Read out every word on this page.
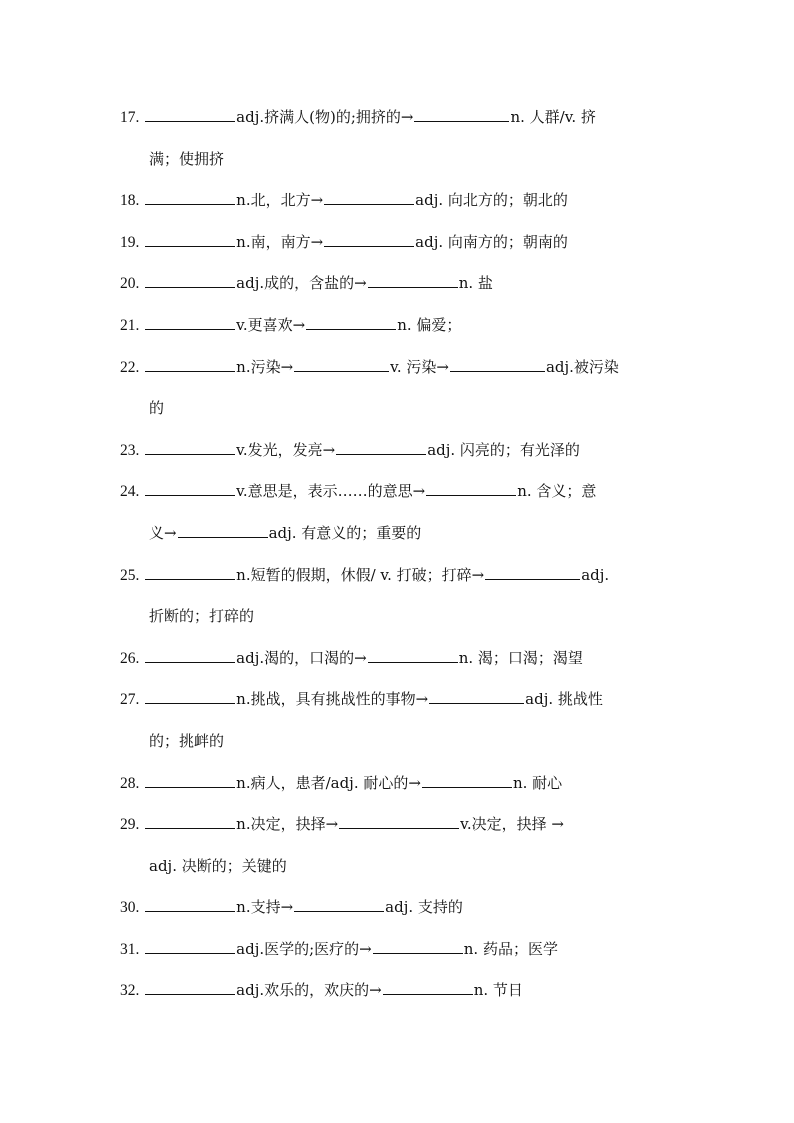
17.	adj.挤满人(物)的;拥挤的→	n. 人群/v. 挤
满；使拥挤
18.	n.北，北方→	adj. 向北方的；朝北的
19.	n.南，南方→	adj. 向南方的；朝南的
20.	adj.成的，含盐的→	n. 盐
21.	v.更喜欢→	n. 偏爱；
22.	n.污染→	v. 污染→	adj.被污染
的
23.	v.发光，发亮→	adj. 闪亮的；有光泽的
24.	v.意思是，表示……的意思→	n. 含义；意
义→	adj. 有意义的；重要的
25.	n.短暂的假期，休假/ v. 打破；打碎→	adj.
折断的；打碎的
26.	adj.渴的，口渴的→	n. 渴；口渴；渴望
27.	n.挑战，具有挑战性的事物→	adj. 挑战性
的；挑衅的
28.	n.病人，患者/adj. 耐心的→	n. 耐心
29.	n.决定，抉择→	v.决定，抉择 →
adj. 决断的；关键的
30.	n.支持→	adj. 支持的
31.	adj.医学的;医疗的→	n. 药品；医学
32.	adj.欢乐的，欢庆的→	n. 节日
